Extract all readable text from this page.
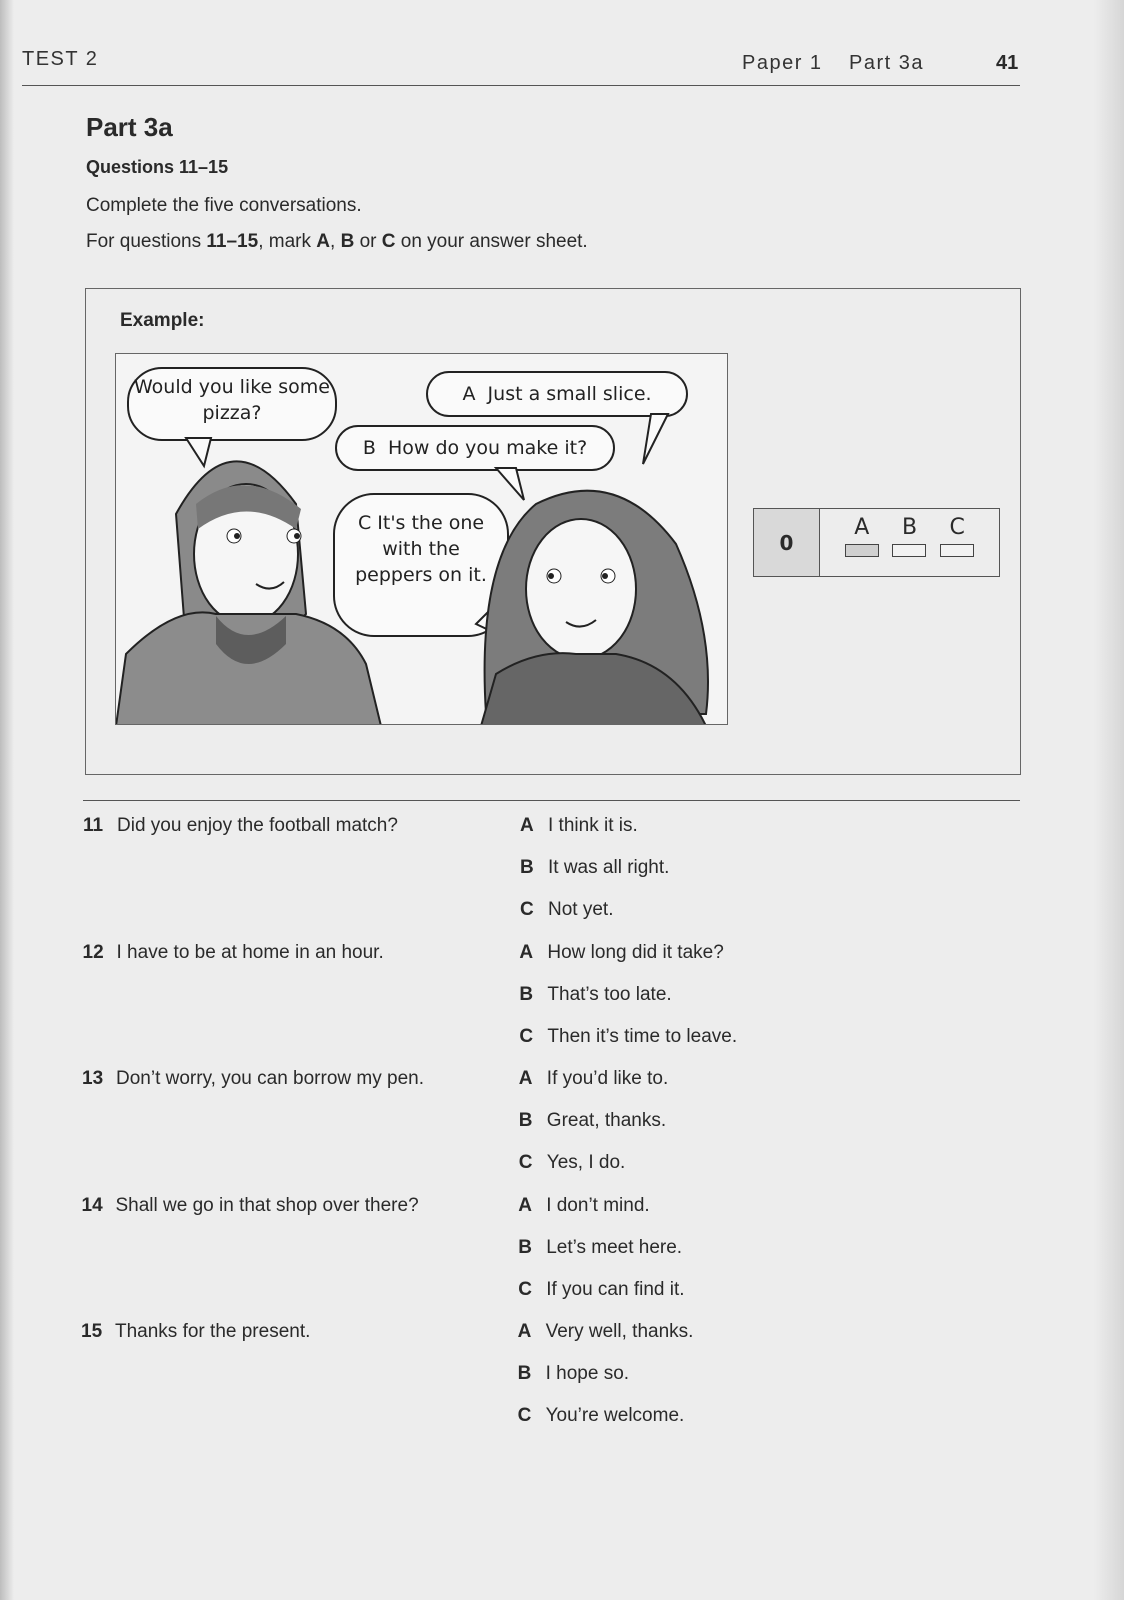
TEST 2	Paper 1 Part 3a	41
Part 3a
Questions 11–15
Complete the five conversations.
For questions 11–15, mark A, B or C on your answer sheet.
Example:
Would you like some pizza?
A Just a small slice.
B How do you make it?
C It's the one with the peppers on it.
0
A B C
11 Did you enjoy the football match?	A I think it is.
B It was all right.
C Not yet.
12 I have to be at home in an hour.	A How long did it take?
B That’s too late.
C Then it’s time to leave.
13 Don’t worry, you can borrow my pen.	A If you’d like to.
B Great, thanks.
C Yes, I do.
14 Shall we go in that shop over there?	A I don’t mind.
B Let’s meet here.
C If you can find it.
15 Thanks for the present.	A Very well, thanks.
B I hope so.
C You’re welcome.
